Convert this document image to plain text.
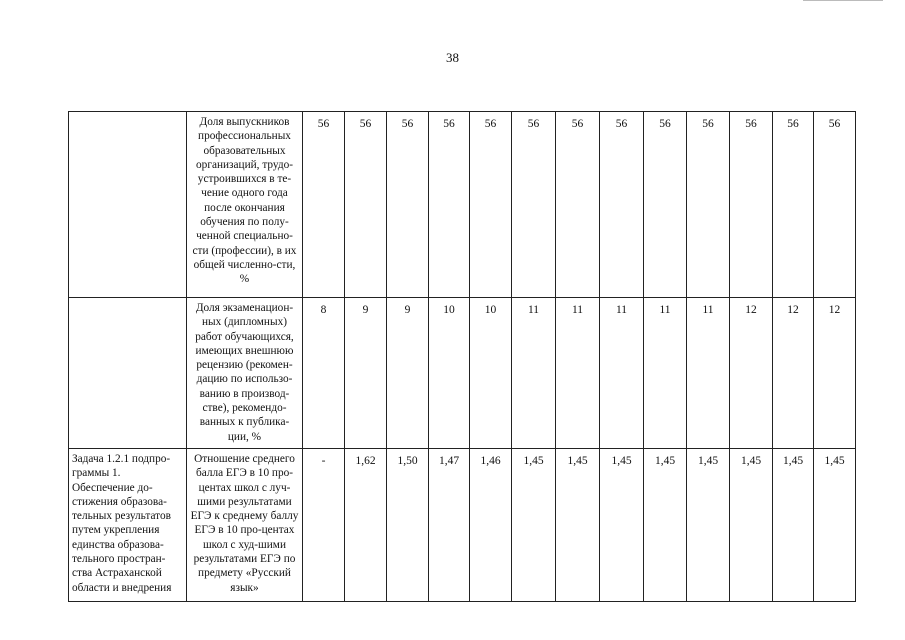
38
	Доля выпускников профессиональных образовательных организаций, трудо-устроившихся в те-чение одного года после окончания обучения по полу-ченной специально-сти (профессии), в их общей численно-сти, %	56	56	56	56	56	56	56	56	56	56	56	56	56
	Доля экзаменацион-ных (дипломных) работ обучающихся, имеющих внешнюю рецензию (рекомен-дацию по использо-ванию в производ-стве), рекомендо-ванных к публика-ции, %	8	9	9	10	10	11	11	11	11	11	12	12	12
Задача 1.2.1 подпро-граммы 1. Обеспечение до-стижения образова-тельных результатов путем укрепления единства образова-тельного простран-ства Астраханской области и внедрения	Отношение среднего балла ЕГЭ в 10 про-центах школ с луч-шими результатами ЕГЭ к среднему баллу ЕГЭ в 10 про-центах школ с худ-шими результатами ЕГЭ по предмету «Русский язык»	-	1,62	1,50	1,47	1,46	1,45	1,45	1,45	1,45	1,45	1,45	1,45	1,45
